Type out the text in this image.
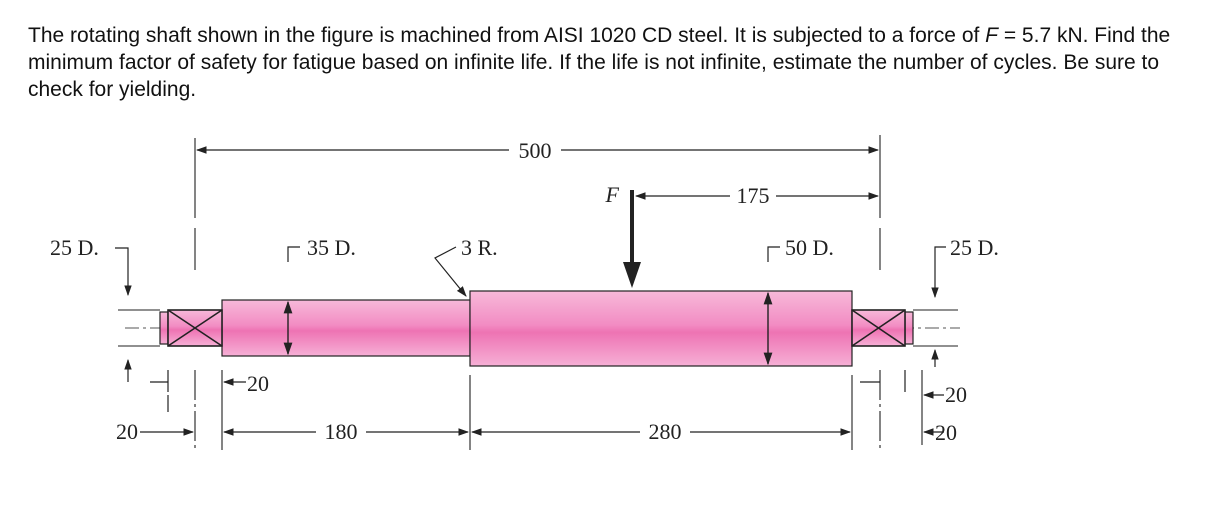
The rotating shaft shown in the figure is machined from AISI 1020 CD steel. It is subjected to a force of F = 5.7 kN. Find the minimum factor of safety for fatigue based on infinite life. If the life is not infinite, estimate the number of cycles. Be sure to check for yielding.
500
F	175
25 D.	35 D.	3 R.	50 D.	25 D.
20
20	180	280
20
20
